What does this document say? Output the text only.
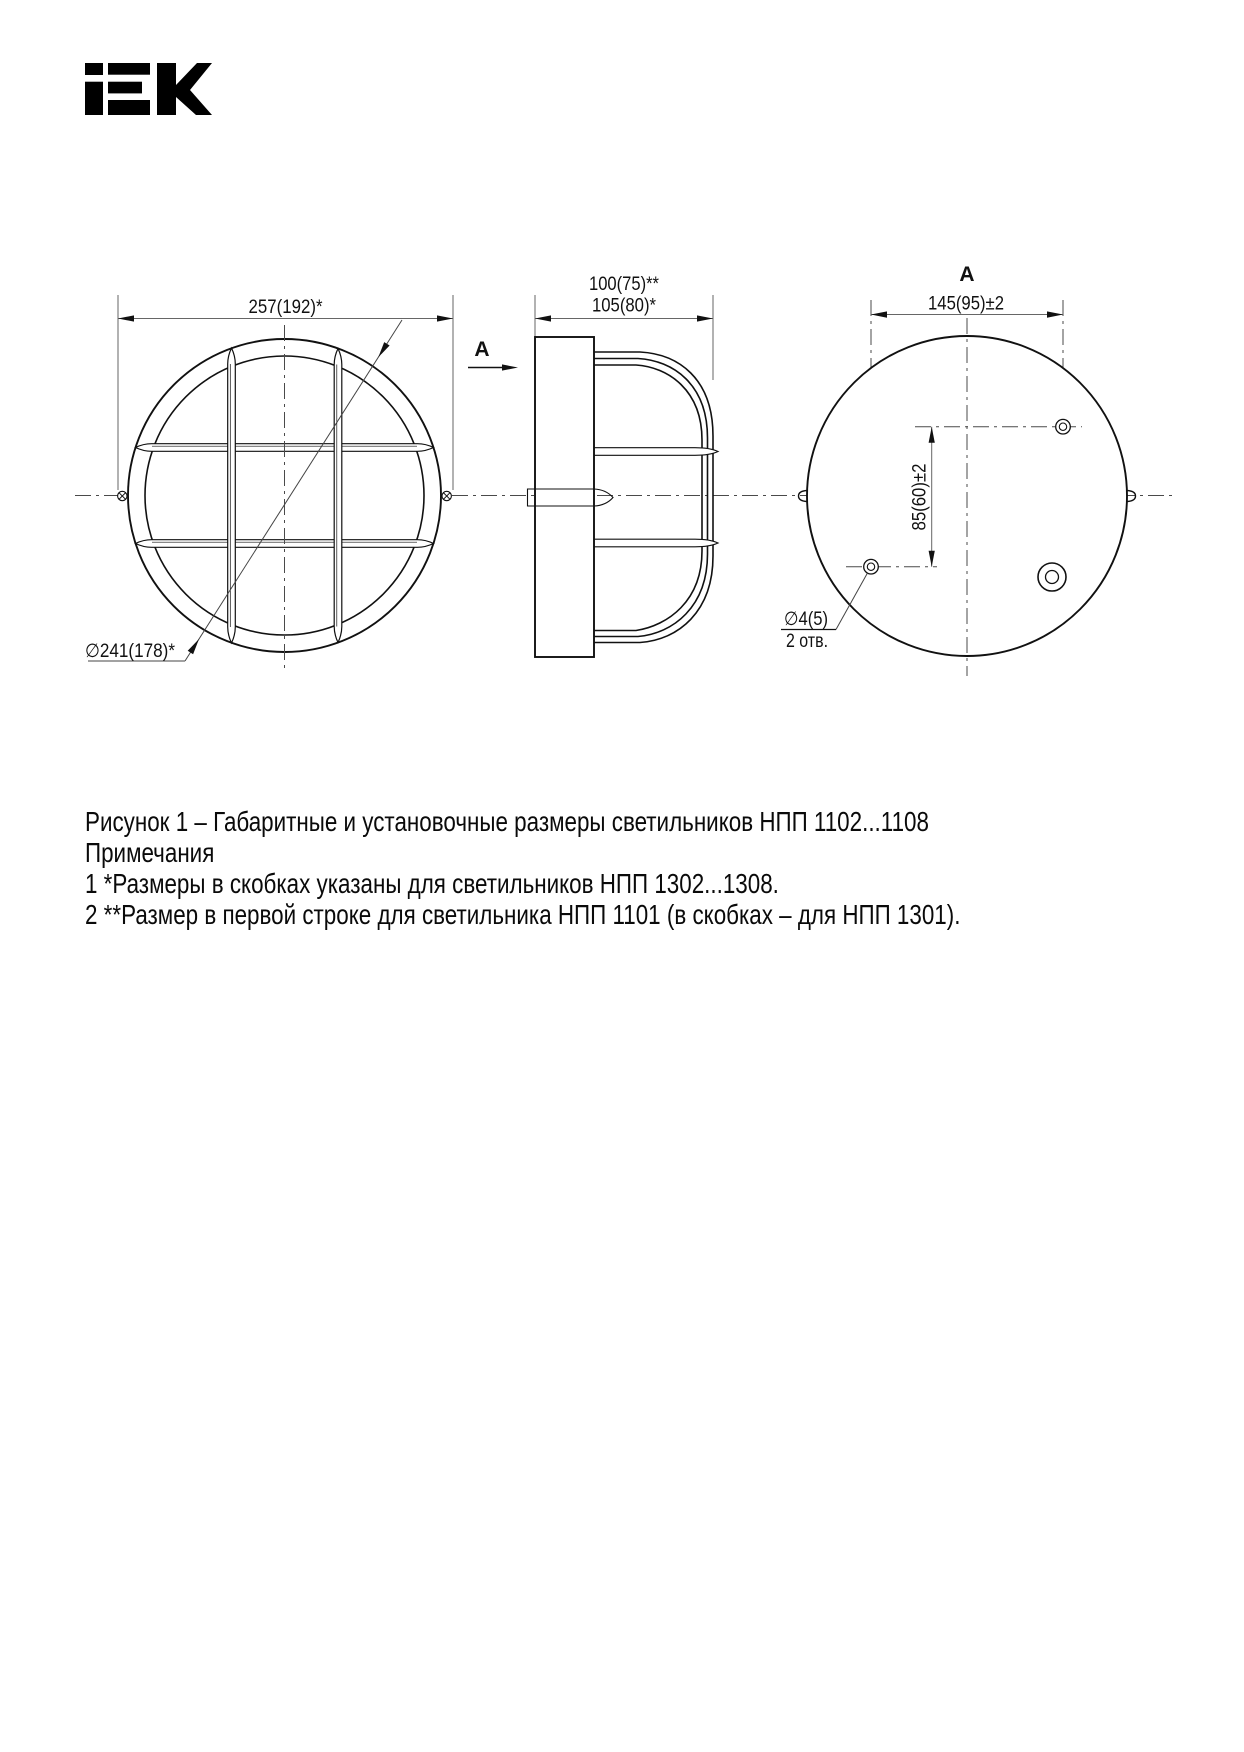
257(192)*
∅241(178)*
100(75)**
105(80)*
A
A
145(95)±2
85(60)±2
∅4(5)
2 отв.
Рисунок 1 – Габаритные и установочные размеры светильников НПП 1102...1108
Примечания
1 *Размеры в скобках указаны для светильников НПП 1302...1308.
2 **Размер в первой строке для светильника НПП 1101 (в скобках – для НПП 1301).
